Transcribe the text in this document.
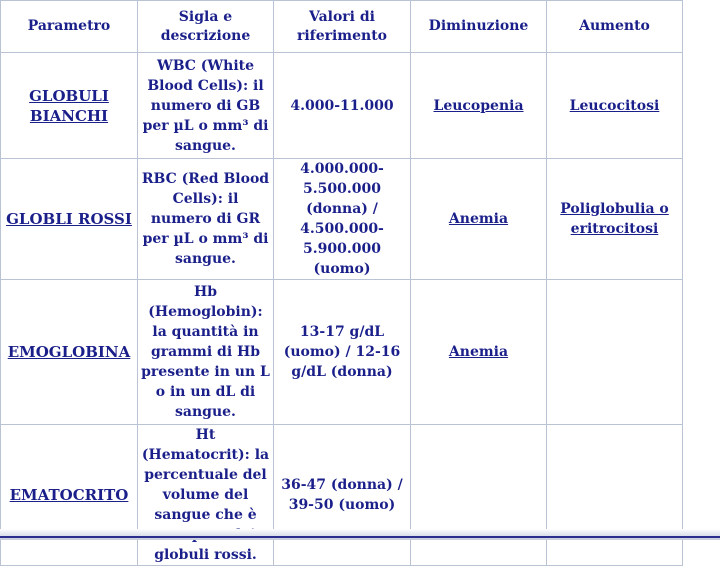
Parametro	Sigla e descrizione	Valori di riferimento	Diminuzione	Aumento
GLOBULI BIANCHI	WBC (White Blood Cells): il numero di GB per µL o mm³ di sangue.	4.000-11.000	Leucopenia	Leucocitosi
GLOBLI ROSSI	RBC (Red Blood Cells): il numero di GR per µL o mm³ di sangue.	4.000.000-5.500.000 (donna) / 4.500.000-5.900.000 (uomo)	Anemia	Poliglobulia o eritrocitosi
EMOGLOBINA	Hb (Hemoglobin): la quantità in grammi di Hb presente in un L o in un dL di sangue.	13-17 g/dL (uomo) / 12-16 g/dL (donna)	Anemia	
EMATOCRITO	Ht (Hematocrit): la percentuale del volume del sangue che è globuli rossi.	36-47 (donna) / 39-50 (uomo)		
